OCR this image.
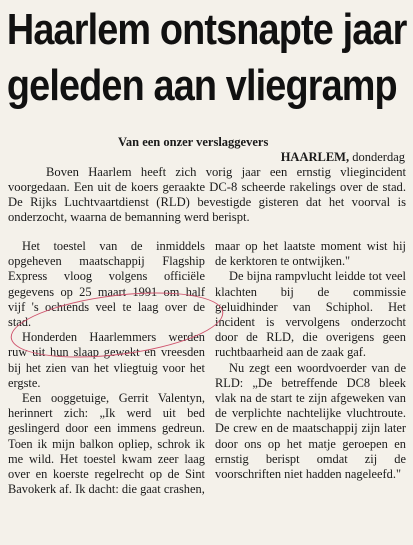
Haarlem ontsnapte jaar
geleden aan vliegramp
Van een onzer verslaggevers
HAARLEM, donderdag
Boven Haarlem heeft zich vorig jaar een ernstig vliegincident voorgedaan. Een uit de koers geraakte DC-8 scheerde rakelings over de stad. De Rijks Luchtvaartdienst (RLD) bevestigde gisteren dat het voorval is onderzocht, waarna de bemanning werd berispt.

Het toestel van de inmiddels opgeheven maatschappij Flagship Express vloog volgens officiële gegevens op 25 maart 1991 om half vijf 's ochtends veel te laag over de stad.

Honderden Haarlemmers werden ruw uit hun slaap gewekt en vreesden bij het zien van het vliegtuig voor het ergste.

Een ooggetuige, Gerrit Valentyn, herinnert zich: „Ik werd uit bed geslingerd door een immens gedreun. Toen ik mijn balkon opliep, schrok ik me wild. Het toestel kwam zeer laag over en koerste regelrecht op de Sint Bavokerk af. Ik dacht: die gaat crashen,

maar op het laatste moment wist hij de kerktoren te ontwijken."

De bijna rampvlucht leidde tot veel klachten bij de commissie geluidhinder van Schiphol. Het incident is vervolgens onderzocht door de RLD, die overigens geen ruchtbaarheid aan de zaak gaf.

Nu zegt een woordvoerder van de RLD: „De betreffende DC8 bleek vlak na de start te zijn afgeweken van de verplichte nachtelijke vluchtroute. De crew en de maatschappij zijn later door ons op het matje geroepen en ernstig berispt omdat zij de voorschriften niet hadden nageleefd."
